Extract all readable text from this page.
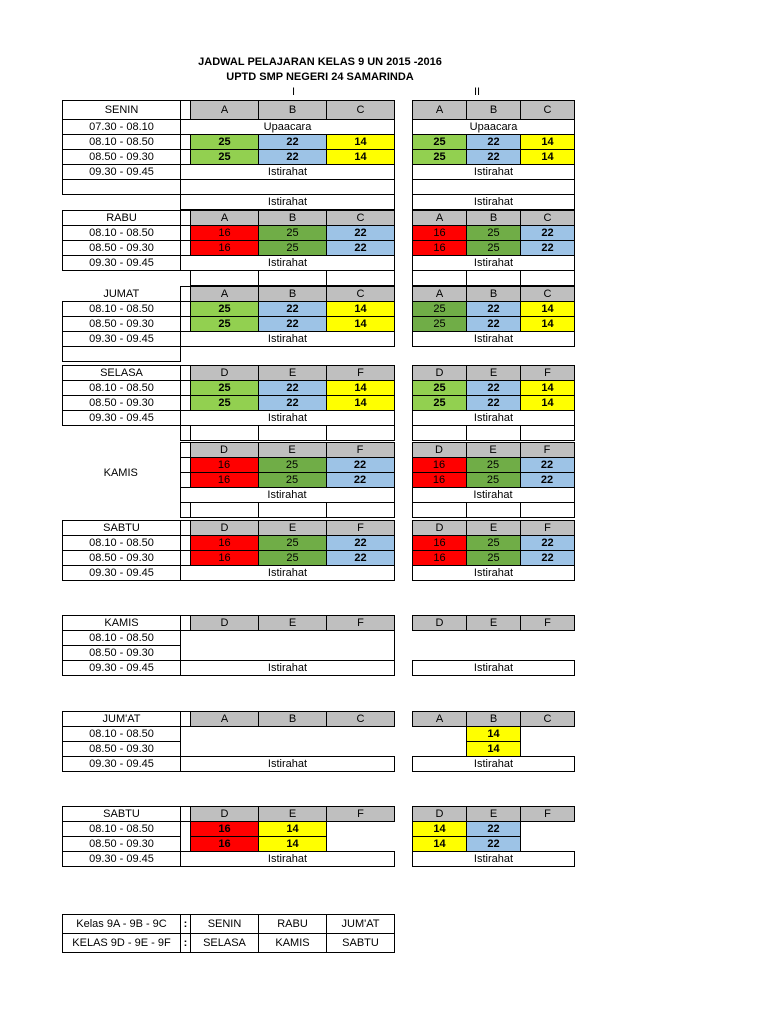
JADWAL PELAJARAN KELAS 9 UN 2015 -2016
UPTD SMP NEGERI 24 SAMARINDA
I	II
SENIN		A	B	C		A	B	C
07.30 - 08.10	Upaacara					Upaacara		
08.10 - 08.50		25	22	14		25	22	14
08.50 - 09.30		25	22	14		25	22	14
09.30 - 09.45	Istirahat					Istirahat		

	Istirahat					Istirahat		
RABU		A	B	C		A	B	C
08.10 - 08.50		16	25	22		16	25	22
08.50 - 09.30		16	25	22		16	25	22
09.30 - 09.45	Istirahat					Istirahat		

JUMAT		A	B	C		A	B	C
08.10 - 08.50		25	22	14		25	22	14
08.50 - 09.30		25	22	14		25	22	14
09.30 - 09.45	Istirahat					Istirahat		

SELASA		D	E	F		D	E	F
08.10 - 08.50		25	22	14		25	22	14
08.50 - 09.30		25	22	14		25	22	14
09.30 - 09.45	Istirahat					Istirahat		

		D	E	F		D	E	F
KAMIS		16	25	22		16	25	22
		16	25	22		16	25	22
	Istirahat					Istirahat		

SABTU		D	E	F		D	E	F
08.10 - 08.50		16	25	22		16	25	22
08.50 - 09.30		16	25	22		16	25	22
09.30 - 09.45	Istirahat					Istirahat		
KAMIS		D	E	F		D	E	F
08.10 - 08.50								
08.50 - 09.30								
09.30 - 09.45	Istirahat					Istirahat		
JUM'AT		A	B	C		A	B	C
08.10 - 08.50							14	
08.50 - 09.30							14	
09.30 - 09.45	Istirahat					Istirahat		
SABTU		D	E	F		D	E	F
08.10 - 08.50		16	14			14	22	
08.50 - 09.30		16	14			14	22	
09.30 - 09.45	Istirahat					Istirahat		
Kelas 9A - 9B - 9C	:	SENIN	RABU	JUM'AT
KELAS 9D - 9E - 9F	:	SELASA	KAMIS	SABTU
